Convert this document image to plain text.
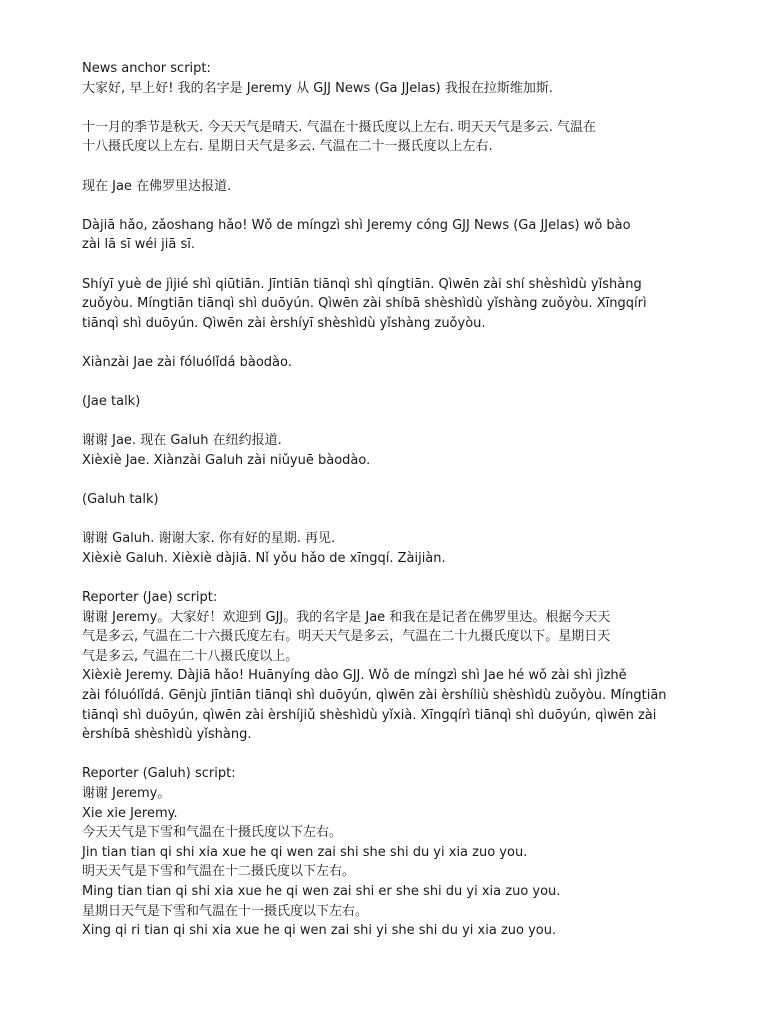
News anchor script:
大家好, 早上好! 我的名字是 Jeremy 从 GJJ News (Ga JJelas) 我报在拉斯维加斯.
十一月的季节是秋天. 今天天气是晴天. 气温在十摄氏度以上左右. 明天天气是多云. 气温在
十八摄氏度以上左右. 星期日天气是多云. 气温在二十一摄氏度以上左右.
现在 Jae 在佛罗里达报道.
Dàjiā hǎo, zǎoshang hǎo! Wǒ de míngzì shì Jeremy cóng GJJ News (Ga JJelas) wǒ bào
zài lā sī wéi jiā sī.
Shíyī yuè de jìjié shì qiūtiān. Jīntiān tiānqì shì qíngtiān. Qìwēn zài shí shèshìdù yǐshàng
zuǒyòu. Míngtiān tiānqì shì duōyún. Qìwēn zài shíbā shèshìdù yǐshàng zuǒyòu. Xīngqírì
tiānqì shì duōyún. Qìwēn zài èrshíyī shèshìdù yǐshàng zuǒyòu.
Xiànzài Jae zài fóluólǐdá bàodào.
(Jae talk)
谢谢 Jae. 现在 Galuh 在纽约报道.
Xièxiè Jae. Xiànzài Galuh zài niǔyuē bàodào.
(Galuh talk)
谢谢 Galuh. 谢谢大家. 你有好的星期. 再见.
Xièxiè Galuh. Xièxiè dàjiā. Nǐ yǒu hǎo de xīngqí. Zàijiàn.
Reporter (Jae) script:
谢谢 Jeremy。大家好！欢迎到 GJJ。我的名字是 Jae 和我在是记者在佛罗里达。根据今天天
气是多云, 气温在二十六摄氏度左右。明天天气是多云，气温在二十九摄氏度以下。星期日天
气是多云, 气温在二十八摄氏度以上。
Xièxiè Jeremy. Dàjiā hǎo! Huānyíng dào GJJ. Wǒ de míngzì shì Jae hé wǒ zài shì jìzhě
zài fóluólǐdá. Gēnjù jīntiān tiānqì shì duōyún, qìwēn zài èrshíliù shèshìdù zuǒyòu. Míngtiān
tiānqì shì duōyún, qìwēn zài èrshíjiǔ shèshìdù yǐxià. Xīngqírì tiānqì shì duōyún, qìwēn zài
èrshíbā shèshìdù yǐshàng.
Reporter (Galuh) script:
谢谢 Jeremy。
Xie xie Jeremy.
今天天气是下雪和气温在十摄氏度以下左右。
Jin tian tian qi shi xia xue he qi wen zai shi she shi du yi xia zuo you.
明天天气是下雪和气温在十二摄氏度以下左右。
Ming tian tian qi shi xia xue he qi wen zai shi er she shi du yi xia zuo you.
星期日天气是下雪和气温在十一摄氏度以下左右。
Xing qi ri tian qi shi xia xue he qi wen zai shi yi she shi du yi xia zuo you.
